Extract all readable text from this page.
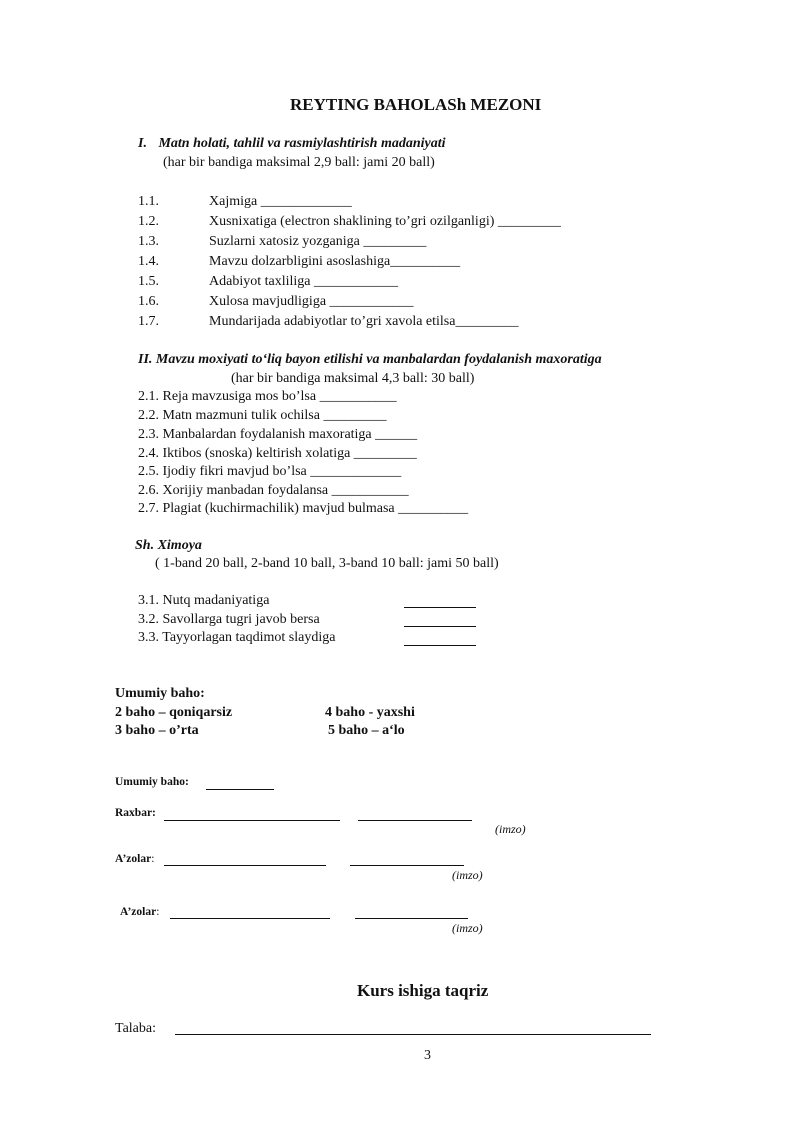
REYTING BAHOLASh MEZONI
I. Matn holati, tahlil va rasmiylashtirish madaniyati
(har bir bandiga maksimal 2,9 ball: jami 20 ball)
1.1.	Xajmiga _____________
1.2.	Xusnixatiga (electron shaklining to’gri ozilganligi) _________
1.3.	Suzlarni xatosiz yozganiga _________
1.4.	Mavzu dolzarbligini asoslashiga__________
1.5.	Adabiyot taxliliga ____________
1.6.	Xulosa mavjudligiga ____________
1.7.	Mundarijada adabiyotlar to’gri xavola etilsa_________
II. Mavzu moxiyati to‘liq bayon etilishi va manbalardan foydalanish maxoratiga
(har bir bandiga maksimal 4,3 ball: 30 ball)
2.1. Reja mavzusiga mos bo’lsa ___________
2.2. Matn mazmuni tulik ochilsa _________
2.3. Manbalardan foydalanish maxoratiga ______
2.4. Iktibos (snoska) keltirish xolatiga _________
2.5. Ijodiy fikri mavjud bo’lsa _____________
2.6. Xorijiy manbadan foydalansa ___________
2.7. Plagiat (kuchirmachilik) mavjud bulmasa __________
Sh. Ximoya
( 1-band 20 ball, 2-band 10 ball, 3-band 10 ball: jami 50 ball)
3.1. Nutq madaniyatiga
3.2. Savollarga tugri javob bersa
3.3. Tayyorlagan taqdimot slaydiga
Umumiy baho:
2 baho – qoniqarsiz	4 baho - yaxshi
3 baho – o’rta	5 baho – a‘lo
Umumiy baho:
Raxbar:
(imzo)
A’zolar:
(imzo)
A’zolar:
(imzo)
Kurs ishiga taqriz
Talaba:
3
